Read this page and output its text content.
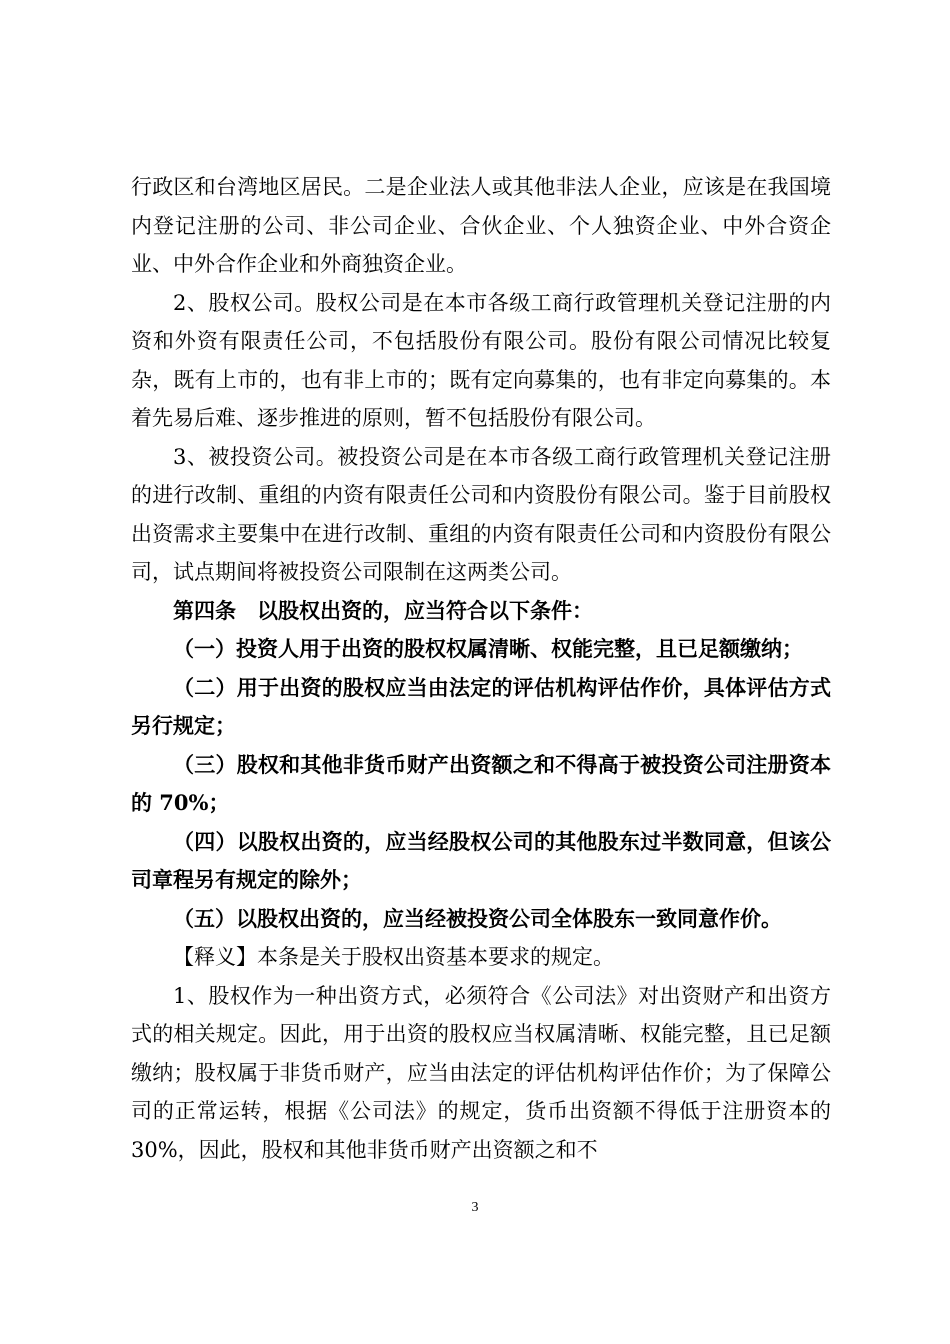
行政区和台湾地区居民。二是企业法人或其他非法人企业，应该是在我国境内登记注册的公司、非公司企业、合伙企业、个人独资企业、中外合资企业、中外合作企业和外商独资企业。

2、股权公司。股权公司是在本市各级工商行政管理机关登记注册的内资和外资有限责任公司，不包括股份有限公司。股份有限公司情况比较复杂，既有上市的，也有非上市的；既有定向募集的，也有非定向募集的。本着先易后难、逐步推进的原则，暂不包括股份有限公司。

3、被投资公司。被投资公司是在本市各级工商行政管理机关登记注册的进行改制、重组的内资有限责任公司和内资股份有限公司。鉴于目前股权出资需求主要集中在进行改制、重组的内资有限责任公司和内资股份有限公司，试点期间将被投资公司限制在这两类公司。

第四条　以股权出资的，应当符合以下条件：

（一）投资人用于出资的股权权属清晰、权能完整，且已足额缴纳；

（二）用于出资的股权应当由法定的评估机构评估作价，具体评估方式另行规定；

（三）股权和其他非货币财产出资额之和不得高于被投资公司注册资本的 70%；

（四）以股权出资的，应当经股权公司的其他股东过半数同意，但该公司章程另有规定的除外；

（五）以股权出资的，应当经被投资公司全体股东一致同意作价。

【释义】本条是关于股权出资基本要求的规定。

1、股权作为一种出资方式，必须符合《公司法》对出资财产和出资方式的相关规定。因此，用于出资的股权应当权属清晰、权能完整，且已足额缴纳；股权属于非货币财产，应当由法定的评估机构评估作价；为了保障公司的正常运转，根据《公司法》的规定，货币出资额不得低于注册资本的 30%，因此，股权和其他非货币财产出资额之和不

3
